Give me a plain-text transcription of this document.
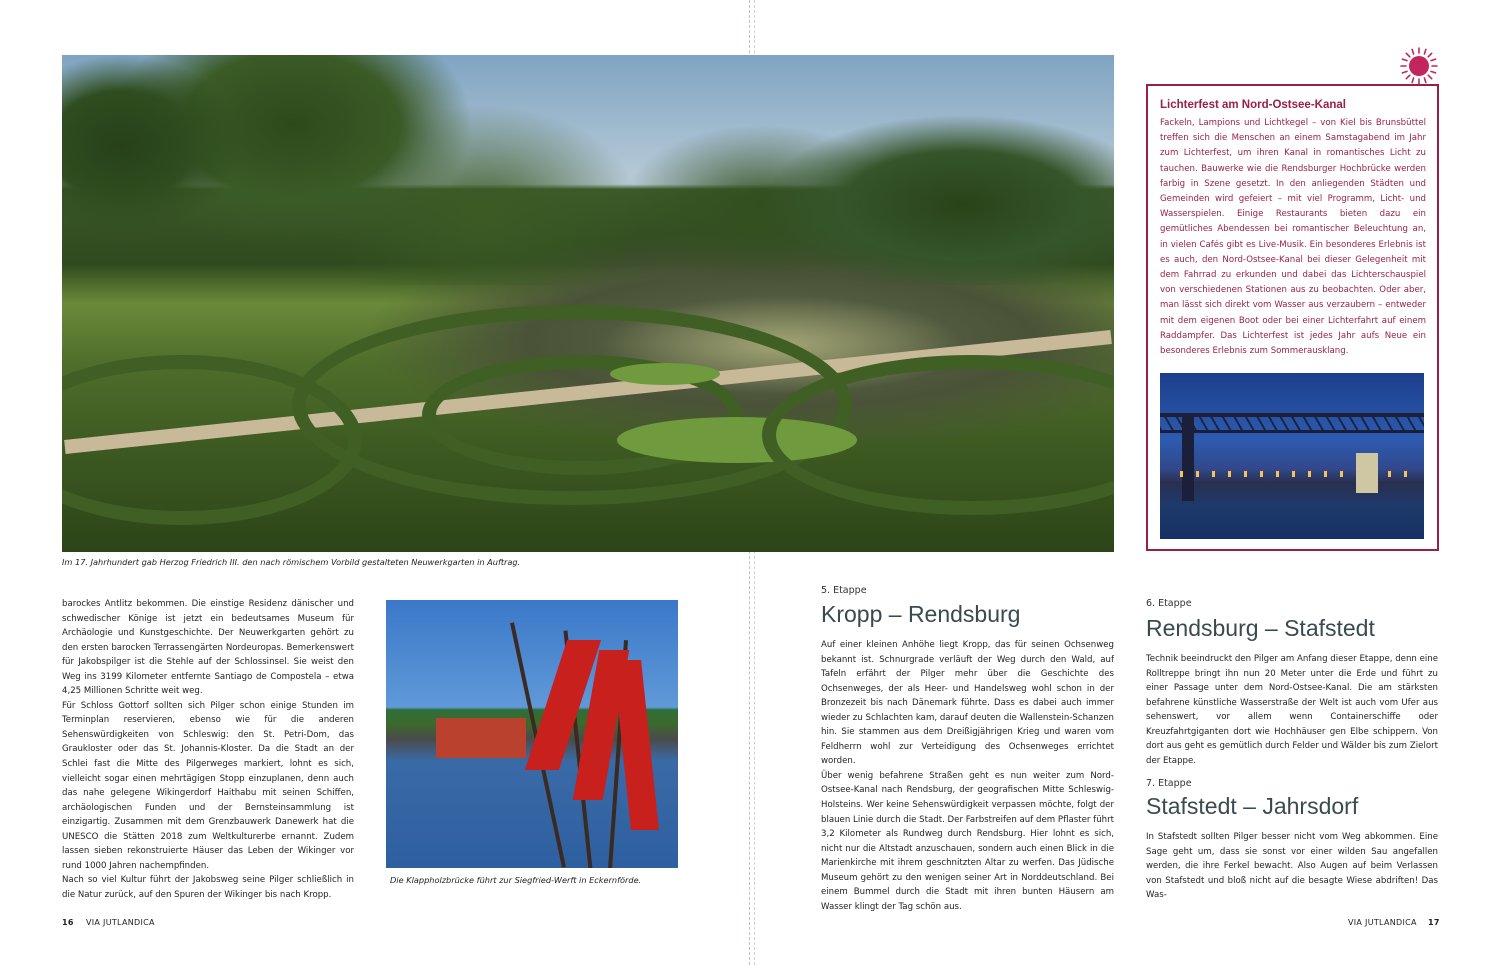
Im 17. Jahrhundert gab Herzog Friedrich III. den nach römischem Vorbild gestalteten Neuwerkgarten in Auftrag.

barockes Antlitz bekommen. Die einstige Residenz dänischer und schwedischer Könige ist jetzt ein bedeutsames Museum für Archäologie und Kunstgeschichte. Der Neuwerkgarten gehört zu den ersten barocken Terrassengärten Nordeuropas. Bemerkenswert für Jakobspilger ist die Stehle auf der Schlossinsel. Sie weist den Weg ins 3199 Kilometer entfernte Santiago de Compostela – etwa 4,25 Millionen Schritte weit weg.

Für Schloss Gottorf sollten sich Pilger schon einige Stunden im Terminplan reservieren, ebenso wie für die anderen Sehenswürdigkeiten von Schleswig: den St. Petri-Dom, das Graukloster oder das St. Johannis-Kloster. Da die Stadt an der Schlei fast die Mitte des Pilgerweges markiert, lohnt es sich, vielleicht sogar einen mehrtägigen Stopp einzuplanen, denn auch das nahe gelegene Wikingerdorf Haithabu mit seinen Schiffen, archäologischen Funden und der Bernsteinsammlung ist einzigartig. Zusammen mit dem Grenzbauwerk Danewerk hat die UNESCO die Stätten 2018 zum Weltkulturerbe ernannt. Zudem lassen sieben rekonstruierte Häuser das Leben der Wikinger vor rund 1000 Jahren nachempfinden.

Nach so viel Kultur führt der Jakobsweg seine Pilger schließlich in die Natur zurück, auf den Spuren der Wikinger bis nach Kropp.

Die Klappholzbrücke führt zur Siegfried-Werft in Eckernförde.
16 VIA JUTLANDICA
Lichterfest am Nord-Ostsee-Kanal
Fackeln, Lampions und Lichtkegel – von Kiel bis Brunsbüttel treffen sich die Menschen an einem Samstagabend im Jahr zum Lichterfest, um ihren Kanal in romantisches Licht zu tauchen. Bauwerke wie die Rendsburger Hochbrücke werden farbig in Szene gesetzt. In den anliegenden Städten und Gemeinden wird gefeiert – mit viel Programm, Licht- und Wasserspielen. Einige Restaurants bieten dazu ein gemütliches Abendessen bei romantischer Beleuchtung an, in vielen Cafés gibt es Live-Musik. Ein besonderes Erlebnis ist es auch, den Nord-Ostsee-Kanal bei dieser Gelegenheit mit dem Fahrrad zu erkunden und dabei das Lichterschauspiel von verschiedenen Stationen aus zu beobachten. Oder aber, man lässt sich direkt vom Wasser aus verzaubern – entweder mit dem eigenen Boot oder bei einer Lichterfahrt auf einem Raddampfer. Das Lichterfest ist jedes Jahr aufs Neue ein besonderes Erlebnis zum Sommerausklang.
5. Etappe
Kropp – Rendsburg

Auf einer kleinen Anhöhe liegt Kropp, das für seinen Ochsenweg bekannt ist. Schnurgrade verläuft der Weg durch den Wald, auf Tafeln erfährt der Pilger mehr über die Geschichte des Ochsenweges, der als Heer- und Handelsweg wohl schon in der Bronzezeit bis nach Dänemark führte. Dass es dabei auch immer wieder zu Schlachten kam, darauf deuten die Wallenstein-Schanzen hin. Sie stammen aus dem Dreißigjährigen Krieg und waren vom Feldherrn wohl zur Verteidigung des Ochsenweges errichtet worden.

Über wenig befahrene Straßen geht es nun weiter zum Nord-Ostsee-Kanal nach Rendsburg, der geografischen Mitte Schleswig-Holsteins. Wer keine Sehenswürdigkeit verpassen möchte, folgt der blauen Linie durch die Stadt. Der Farbstreifen auf dem Pflaster führt 3,2 Kilometer als Rundweg durch Rendsburg. Hier lohnt es sich, nicht nur die Altstadt anzuschauen, sondern auch einen Blick in die Marienkirche mit ihrem geschnitzten Altar zu werfen. Das Jüdische Museum gehört zu den wenigen seiner Art in Norddeutschland. Bei einem Bummel durch die Stadt mit ihren bunten Häusern am Wasser klingt der Tag schön aus.

6. Etappe
Rendsburg – Stafstedt

Technik beeindruckt den Pilger am Anfang dieser Etappe, denn eine Rolltreppe bringt ihn nun 20 Meter unter die Erde und führt zu einer Passage unter dem Nord-Ostsee-Kanal. Die am stärksten befahrene künstliche Wasserstraße der Welt ist auch vom Ufer aus sehenswert, vor allem wenn Containerschiffe oder Kreuzfahrtgiganten dort wie Hochhäuser gen Elbe schippern. Von dort aus geht es gemütlich durch Felder und Wälder bis zum Zielort der Etappe.

7. Etappe
Stafstedt – Jahrsdorf

In Stafstedt sollten Pilger besser nicht vom Weg abkommen. Eine Sage geht um, dass sie sonst vor einer wilden Sau angefallen werden, die ihre Ferkel bewacht. Also Augen auf beim Verlassen von Stafstedt und bloß nicht auf die besagte Wiese abdriften! Das Was-

VIA JUTLANDICA 17
